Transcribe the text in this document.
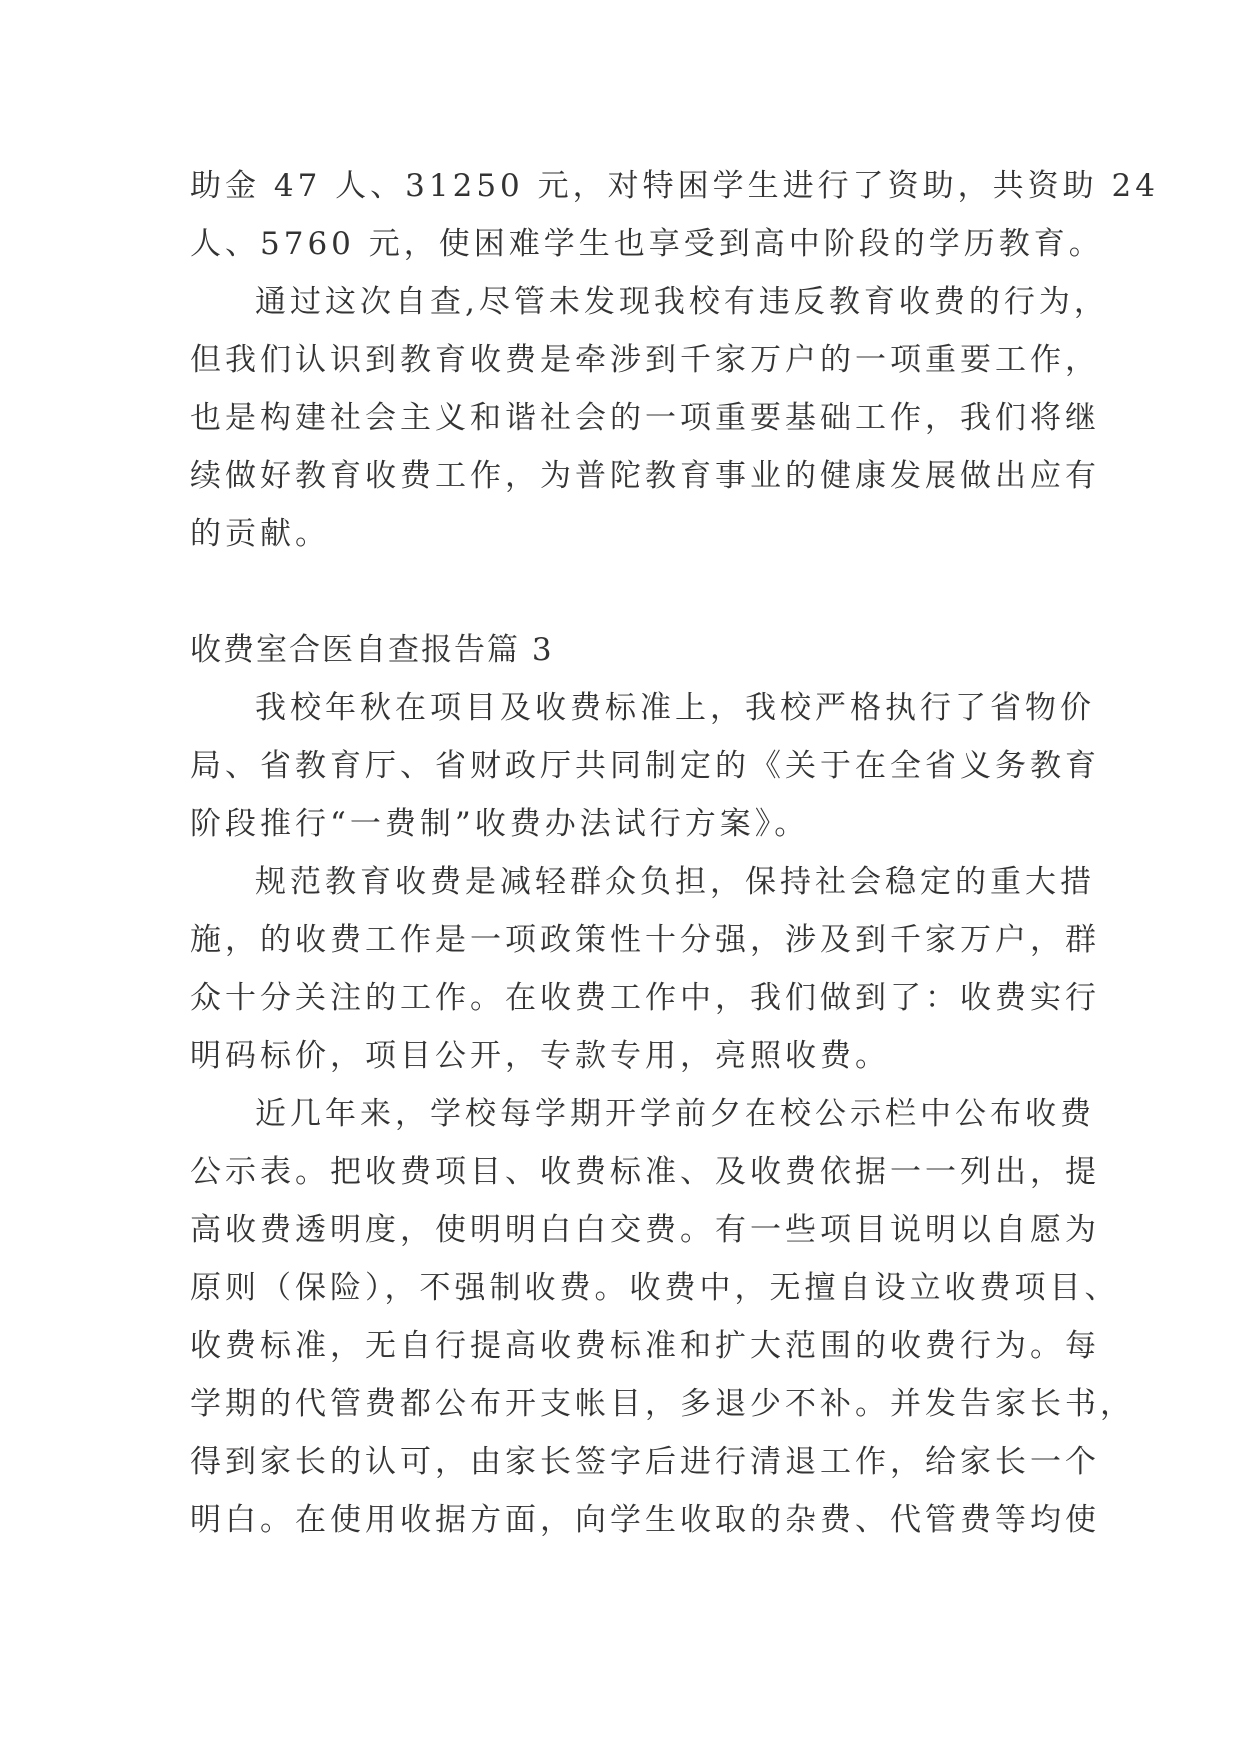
助金 47 人、31250 元，对特困学生进行了资助，共资助 24

人、5760 元，使困难学生也享受到高中阶段的学历教育。

通过这次自查,尽管未发现我校有违反教育收费的行为，

但我们认识到教育收费是牵涉到千家万户的一项重要工作，

也是构建社会主义和谐社会的一项重要基础工作，我们将继

续做好教育收费工作，为普陀教育事业的健康发展做出应有

的贡献。

收费室合医自查报告篇 3

我校年秋在项目及收费标准上，我校严格执行了省物价

局、省教育厅、省财政厅共同制定的《关于在全省义务教育

阶段推行“一费制”收费办法试行方案》。

规范教育收费是减轻群众负担，保持社会稳定的重大措

施，的收费工作是一项政策性十分强，涉及到千家万户，群

众十分关注的工作。在收费工作中，我们做到了：收费实行

明码标价，项目公开，专款专用，亮照收费。

近几年来，学校每学期开学前夕在校公示栏中公布收费

公示表。把收费项目、收费标准、及收费依据一一列出，提

高收费透明度，使明明白白交费。有一些项目说明以自愿为

原则（保险），不强制收费。收费中，无擅自设立收费项目、

收费标准，无自行提高收费标准和扩大范围的收费行为。每

学期的代管费都公布开支帐目，多退少不补。并发告家长书，

得到家长的认可，由家长签字后进行清退工作，给家长一个

明白。在使用收据方面，向学生收取的杂费、代管费等均使
